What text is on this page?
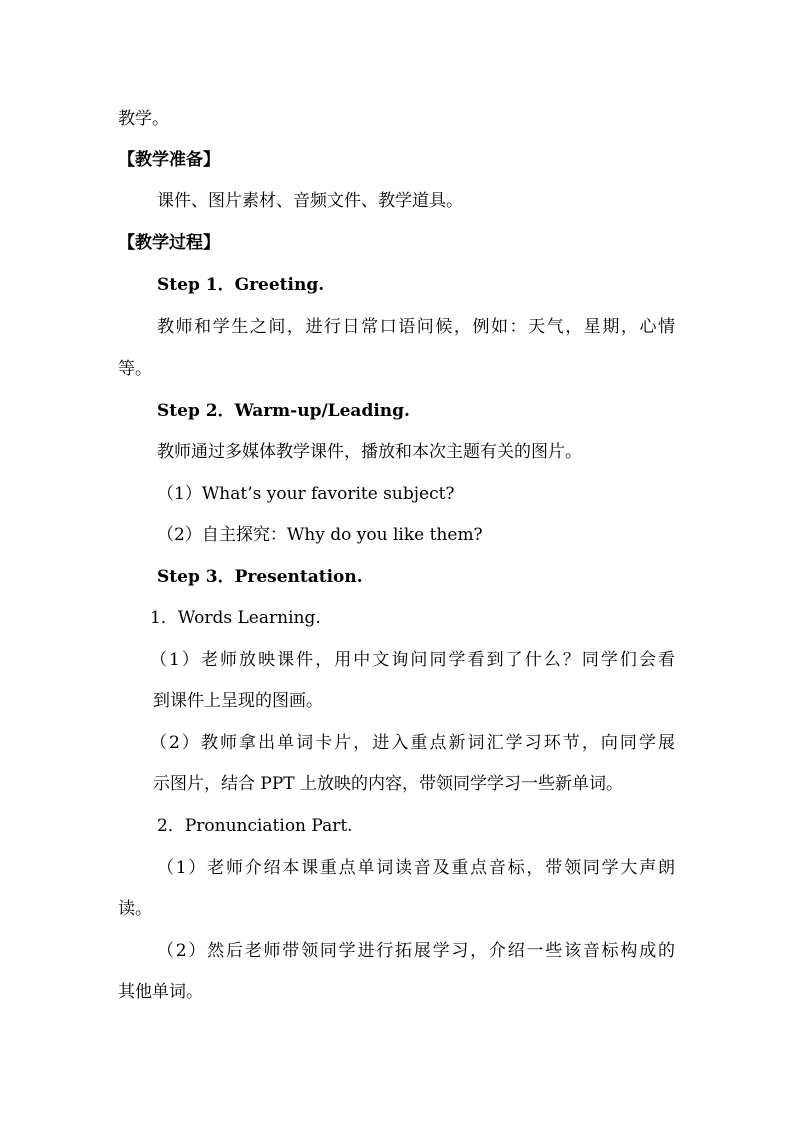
教学。
【教学准备】
课件、图片素材、音频文件、教学道具。
【教学过程】
Step 1．Greeting.
教师和学生之间，进行日常口语问候，例如：天气，星期，心情
等。
Step 2．Warm-up/Leading.
教师通过多媒体教学课件，播放和本次主题有关的图片。
（1）What’s your favorite subject?
（2）自主探究：Why do you like them?
Step 3．Presentation.
1．Words Learning.
（1）老师放映课件，用中文询问同学看到了什么？同学们会看
到课件上呈现的图画。
（2）教师拿出单词卡片，进入重点新词汇学习环节，向同学展
示图片，结合 PPT 上放映的内容，带领同学学习一些新单词。
2．Pronunciation Part.
（1）老师介绍本课重点单词读音及重点音标，带领同学大声朗
读。
（2）然后老师带领同学进行拓展学习，介绍一些该音标构成的
其他单词。
